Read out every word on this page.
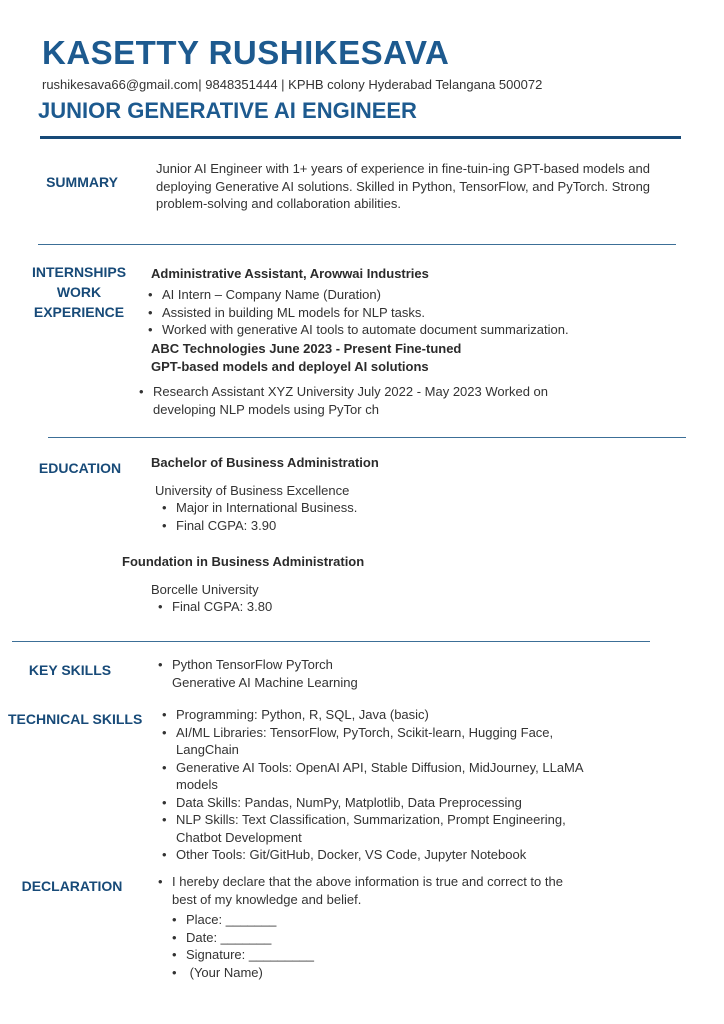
KASETTY RUSHIKESAVA
rushikesava66@gmail.com| 9848351444 | KPHB colony Hyderabad Telangana 500072
JUNIOR GENERATIVE AI ENGINEER
SUMMARY
Junior AI Engineer with 1+ years of experience in fine-tuin-ing GPT-based models and deploying Generative AI solutions. Skilled in Python, TensorFlow, and PyTorch. Strong problem-solving and collaboration abilities.
INTERNSHIPS
WORK
EXPERIENCE
Administrative Assistant, Arowwai Industries
• AI Intern – Company Name (Duration)
• Assisted in building ML models for NLP tasks.
• Worked with generative AI tools to automate document summarization.
ABC Technologies June 2023 - Present Fine-tuned
GPT-based models and deployel AI solutions
• Research Assistant XYZ University July 2022 - May 2023 Worked on
developing NLP models using PyTor ch
EDUCATION	Bachelor of Business Administration
University of Business Excellence
• Major in International Business.
• Final CGPA: 3.90
Foundation in Business Administration
Borcelle University
• Final CGPA: 3.80
KEY SKILLS	• Python TensorFlow PyTorch
Generative AI Machine Learning
TECHNICAL SKILLS	• Programming: Python, R, SQL, Java (basic)
• AI/ML Libraries: TensorFlow, PyTorch, Scikit-learn, Hugging Face, LangChain
• Generative AI Tools: OpenAI API, Stable Diffusion, MidJourney, LLaMA models
• Data Skills: Pandas, NumPy, Matplotlib, Data Preprocessing
• NLP Skills: Text Classification, Summarization, Prompt Engineering, Chatbot Development
• Other Tools: Git/GitHub, Docker, VS Code, Jupyter Notebook
DECLARATION	• I hereby declare that the above information is true and correct to the best of my knowledge and belief.
• Place: _______
• Date: _______
• Signature: _________
•  (Your Name)
